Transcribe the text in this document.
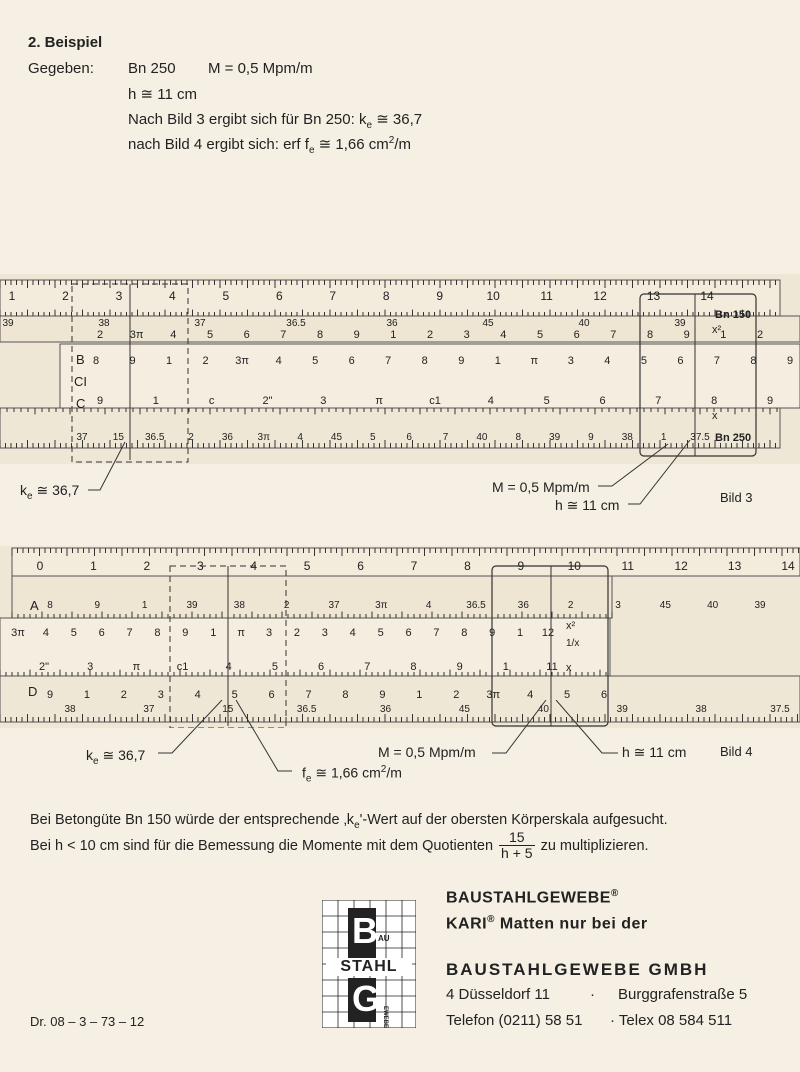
2. Beispiel
Gegeben: Bn 250 M = 0,5 Mpm/m
h ≅ 11 cm
Nach Bild 3 ergibt sich für Bn 250: $k_e$ ≅ 36,7
nach Bild 4 ergibt sich: erf $f_e$ ≅ 1,66 $cm^2/m$
1	2	3	4	5	6	7	8	9	10	11	12	13	14
39	38	37	36.5	36	45	40	39
2 3π 4	5	6	7	8	9	1	2	3	4	5	6	7	8	9	1	2
8	9	1	2 3π 4	5	6	7	8	9	1	π	3	4	5	6	7	8	9
9	1	c	2"	3	π	c1	4	5	6	7	8	9
37	15 36.5 2	36 3π	4	45	5	6	7	40	8	39	9	38	1 37.5
B
CI
C
Bn 150
Bn 250
x²
x
$k_e$ ≅ 36,7	M = 0,5 Mpm/m
h ≅ 11 cm	Bild 3
0	1	2	3	4	5	6	7	8	9	10	11	12	13	14
8	9	1	39	38	2	37	3π	4	36.5	36	2	3	45	40	39
3π 4 5 6 7 8 9 1 π 3 2 3 4 5 6 7 8 9 1 12
2"	3	π	c1	4	5	6	7	8	9	1	11
9	1	2	3	4	5	6	7	8	9	1	2 3π 4	5	6
38	37	15	36.5	36	45	40	39	38	37.5
A
D
x²
1/x
x
$k_e$ ≅ 36,7
$f_e$ ≅ 1,66 $cm^2/m$
M = 0,5 Mpm/m	h ≅ 11 cm	Bild 4
Bei Betongüte Bn 150 würde der entsprechende $‚k_e'$-Wert auf der obersten Körperskala aufgesucht.
Bei h < 10 cm sind für die Bemessung die Momente mit dem Quotienten $\frac{15}{h + 5}$ zu multiplizieren.
B AU
STAHL
G EWEBE
BAUSTAHLGEWEBE®
KARI® Matten nur bei der
BAUSTAHLGEWEBE GMBH
4 Düsseldorf 11	· Burggrafenstraße 5
Telefon (0211) 58 51 · Telex 08 584 511
Dr. 08 – 3 – 73 – 12
